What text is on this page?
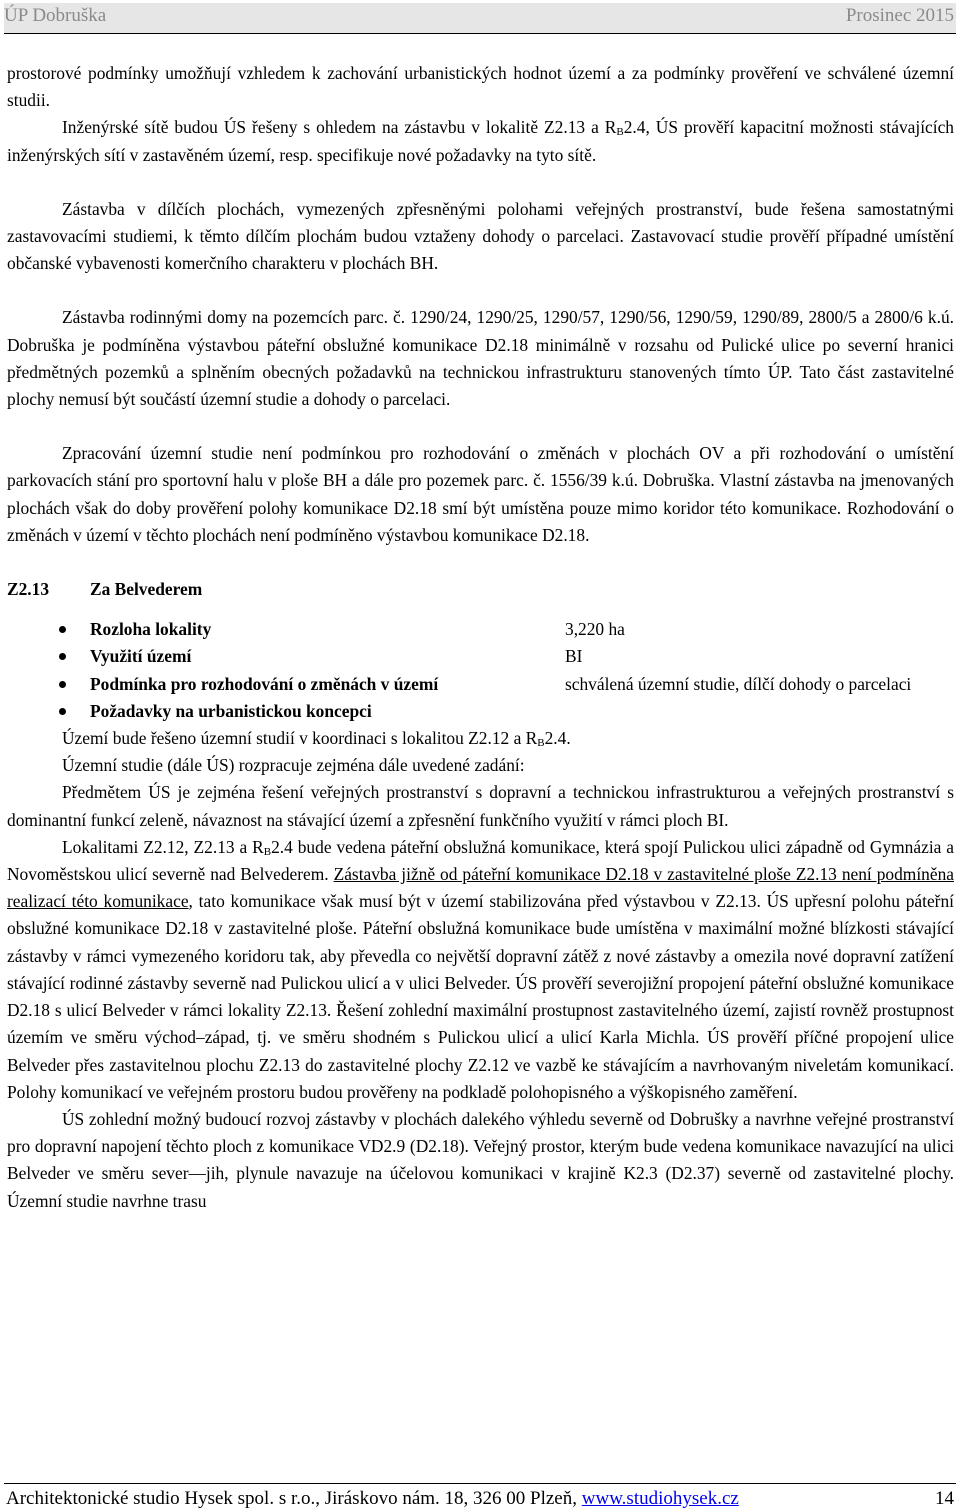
ÚP Dobruška	Prosinec 2015

prostorové podmínky umožňují vzhledem k zachování urbanistických hodnot území a za podmínky prověření ve schválené územní studii.

Inženýrské sítě budou ÚS řešeny s ohledem na zástavbu v lokalitě Z2.13 a $R_B2.4$, ÚS prověří kapacitní možnosti stávajících inženýrských sítí v zastavěném území, resp. specifikuje nové požadavky na tyto sítě.

Zástavba v dílčích plochách, vymezených zpřesněnými polohami veřejných prostranství, bude řešena samostatnými zastavovacími studiemi, k těmto dílčím plochám budou vztaženy dohody o parcelaci. Zastavovací studie prověří případné umístění občanské vybavenosti komerčního charakteru v plochách BH.

Zástavba rodinnými domy na pozemcích parc. č. 1290/24, 1290/25, 1290/57, 1290/56, 1290/59, 1290/89, 2800/5 a 2800/6 k.ú. Dobruška je podmíněna výstavbou páteřní obslužné komunikace D2.18 minimálně v rozsahu od Pulické ulice po severní hranici předmětných pozemků a splněním obecných požadavků na technickou infrastrukturu stanovených tímto ÚP. Tato část zastavitelné plochy nemusí být součástí územní studie a dohody o parcelaci.

Zpracování územní studie není podmínkou pro rozhodování o změnách v plochách OV a při rozhodování o umístění parkovacích stání pro sportovní halu v ploše BH a dále pro pozemek parc. č. 1556/39 k.ú. Dobruška. Vlastní zástavba na jmenovaných plochách však do doby prověření polohy komunikace D2.18 smí být umístěna pouze mimo koridor této komunikace. Rozhodování o změnách v území v těchto plochách není podmíněno výstavbou komunikace D2.18.

Z2.13 Za Belvederem
Rozloha lokality	3,220 ha
Využití území	BI
Podmínka pro rozhodování o změnách v území	schválená územní studie, dílčí dohody o parcelaci
Požadavky na urbanistickou koncepci

Území bude řešeno územní studií v koordinaci s lokalitou Z2.12 a $R_B2.4$.

Územní studie (dále ÚS) rozpracuje zejména dále uvedené zadání:

Předmětem ÚS je zejména řešení veřejných prostranství s dopravní a technickou infrastrukturou a veřejných prostranství s dominantní funkcí zeleně, návaznost na stávající území a zpřesnění funkčního využití v rámci ploch BI.

Lokalitami Z2.12, Z2.13 a $R_B2.4$ bude vedena páteřní obslužná komunikace, která spojí Pulickou ulici západně od Gymnázia a Novoměstskou ulicí severně nad Belvederem. Zástavba jižně od páteřní komunikace D2.18 v zastavitelné ploše Z2.13 není podmíněna realizací této komunikace, tato komunikace však musí být v území stabilizována před výstavbou v Z2.13. ÚS upřesní polohu páteřní obslužné komunikace D2.18 v zastavitelné ploše. Páteřní obslužná komunikace bude umístěna v maximální možné blízkosti stávající zástavby v rámci vymezeného koridoru tak, aby převedla co největší dopravní zátěž z nové zástavby a omezila nové dopravní zatížení stávající rodinné zástavby severně nad Pulickou ulicí a v ulici Belveder. ÚS prověří severojižní propojení páteřní obslužné komunikace D2.18 s ulicí Belveder v rámci lokality Z2.13. Řešení zohlední maximální prostupnost zastavitelného území, zajistí rovněž prostupnost územím ve směru východ–západ, tj. ve směru shodném s Pulickou ulicí a ulicí Karla Michla. ÚS prověří příčné propojení ulice Belveder přes zastavitelnou plochu Z2.13 do zastavitelné plochy Z2.12 ve vazbě ke stávajícím a navrhovaným niveletám komunikací. Polohy komunikací ve veřejném prostoru budou prověřeny na podkladě polohopisného a výškopisného zaměření.

ÚS zohlední možný budoucí rozvoj zástavby v plochách dalekého výhledu severně od Dobrušky a navrhne veřejné prostranství pro dopravní napojení těchto ploch z komunikace VD2.9 (D2.18). Veřejný prostor, kterým bude vedena komunikace navazující na ulici Belveder ve směru sever—jih, plynule navazuje na účelovou komunikaci v krajině K2.3 (D2.37) severně od zastavitelné plochy. Územní studie navrhne trasu

Architektonické studio Hysek spol. s r.o., Jiráskovo nám. 18, 326 00 Plzeň, www.studiohysek.cz	14
